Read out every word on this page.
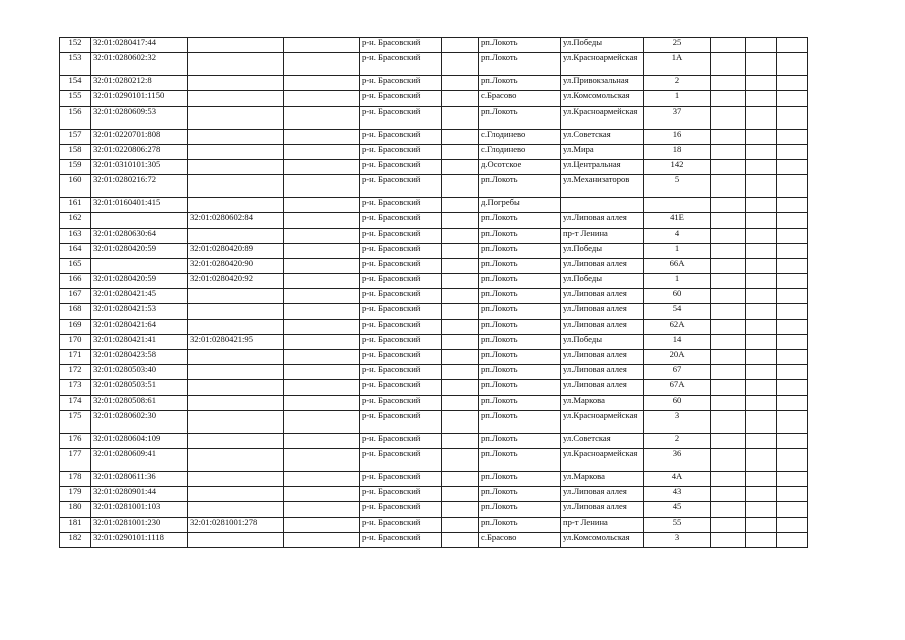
152	32:01:0280417:44			р-н. Брасовский		рп.Локоть	ул.Победы	25			
153	32:01:0280602:32			р-н. Брасовский		рп.Локоть	ул.Красноармейская	1А			
154	32:01:0280212:8			р-н. Брасовский		рп.Локоть	ул.Привокзальная	2			
155	32:01:0290101:1150			р-н. Брасовский		с.Брасово	ул.Комсомольская	1			
156	32:01:0280609:53			р-н. Брасовский		рп.Локоть	ул.Красноармейская	37			
157	32:01:0220701:808			р-н. Брасовский		с.Глодинево	ул.Советская	16			
158	32:01:0220806:278			р-н. Брасовский		с.Глодинево	ул.Мира	18			
159	32:01:0310101:305			р-н. Брасовский		д.Осотское	ул.Центральная	142			
160	32:01:0280216:72			р-н. Брасовский		рп.Локоть	ул.Механизаторов	5			
161	32:01:0160401:415			р-н. Брасовский		д.Погребы					
162		32:01:0280602:84		р-н. Брасовский		рп.Локоть	ул.Липовая аллея	41Е			
163	32:01:0280630:64			р-н. Брасовский		рп.Локоть	пр-т Ленина	4			
164	32:01:0280420:59	32:01:0280420:89		р-н. Брасовский		рп.Локоть	ул.Победы	1			
165		32:01:0280420:90		р-н. Брасовский		рп.Локоть	ул.Липовая аллея	66А			
166	32:01:0280420:59	32:01:0280420:92		р-н. Брасовский		рп.Локоть	ул.Победы	1			
167	32:01:0280421:45			р-н. Брасовский		рп.Локоть	ул.Липовая аллея	60			
168	32:01:0280421:53			р-н. Брасовский		рп.Локоть	ул.Липовая аллея	54			
169	32:01:0280421:64			р-н. Брасовский		рп.Локоть	ул.Липовая аллея	62А			
170	32:01:0280421:41	32:01:0280421:95		р-н. Брасовский		рп.Локоть	ул.Победы	14			
171	32:01:0280423:58			р-н. Брасовский		рп.Локоть	ул.Липовая аллея	20А			
172	32:01:0280503:40			р-н. Брасовский		рп.Локоть	ул.Липовая аллея	67			
173	32:01:0280503:51			р-н. Брасовский		рп.Локоть	ул.Липовая аллея	67А			
174	32:01:0280508:61			р-н. Брасовский		рп.Локоть	ул.Маркова	60			
175	32:01:0280602:30			р-н. Брасовский		рп.Локоть	ул.Красноармейская	3			
176	32:01:0280604:109			р-н. Брасовский		рп.Локоть	ул.Советская	2			
177	32:01:0280609:41			р-н. Брасовский		рп.Локоть	ул.Красноармейская	36			
178	32:01:0280611:36			р-н. Брасовский		рп.Локоть	ул.Маркова	4А			
179	32:01:0280901:44			р-н. Брасовский		рп.Локоть	ул.Липовая аллея	43			
180	32:01:0281001:103			р-н. Брасовский		рп.Локоть	ул.Липовая аллея	45			
181	32:01:0281001:230	32:01:0281001:278		р-н. Брасовский		рп.Локоть	пр-т Ленина	55			
182	32:01:0290101:1118			р-н. Брасовский		с.Брасово	ул.Комсомольская	3			
